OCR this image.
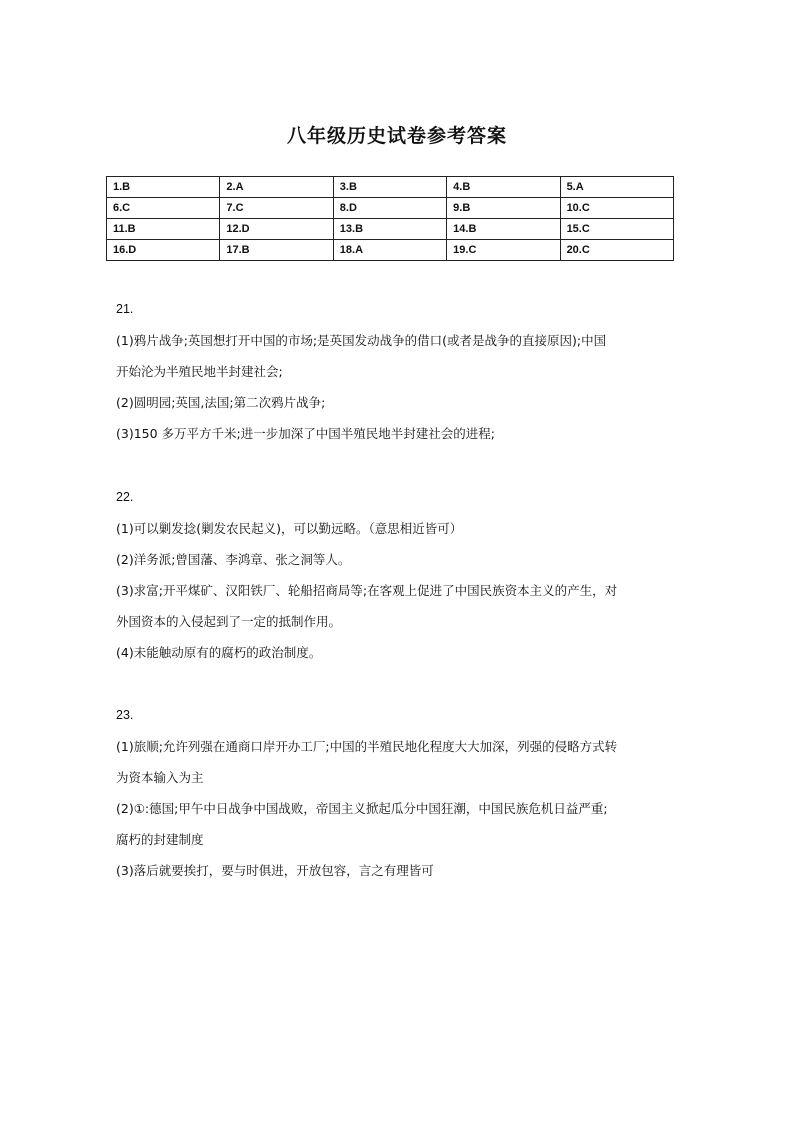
八年级历史试卷参考答案
1.B	2.A	3.B	4.B	5.A
6.C	7.C	8.D	9.B	10.C
11.B	12.D	13.B	14.B	15.C
16.D	17.B	18.A	19.C	20.C

21.

(1)鸦片战争;英国想打开中国的市场;是英国发动战争的借口(或者是战争的直接原因);中国

开始沦为半殖民地半封建社会;

(2)圆明园;英国,法国;第二次鸦片战争;

(3)150 多万平方千米;进一步加深了中国半殖民地半封建社会的进程;

22.

(1)可以剿发捻(剿发农民起义)，可以勤远略。（意思相近皆可）

(2)洋务派;曾国藩、李鸿章、张之洞等人。

(3)求富;开平煤矿、汉阳铁厂、轮船招商局等;在客观上促进了中国民族资本主义的产生，对

外国资本的入侵起到了一定的抵制作用。

(4)未能触动原有的腐朽的政治制度。

23.

(1)旅顺;允许列强在通商口岸开办工厂;中国的半殖民地化程度大大加深，列强的侵略方式转

为资本输入为主

(2)①:德国;甲午中日战争中国战败，帝国主义掀起瓜分中国狂潮，中国民族危机日益严重;

腐朽的封建制度

(3)落后就要挨打，要与时俱进，开放包容，言之有理皆可
